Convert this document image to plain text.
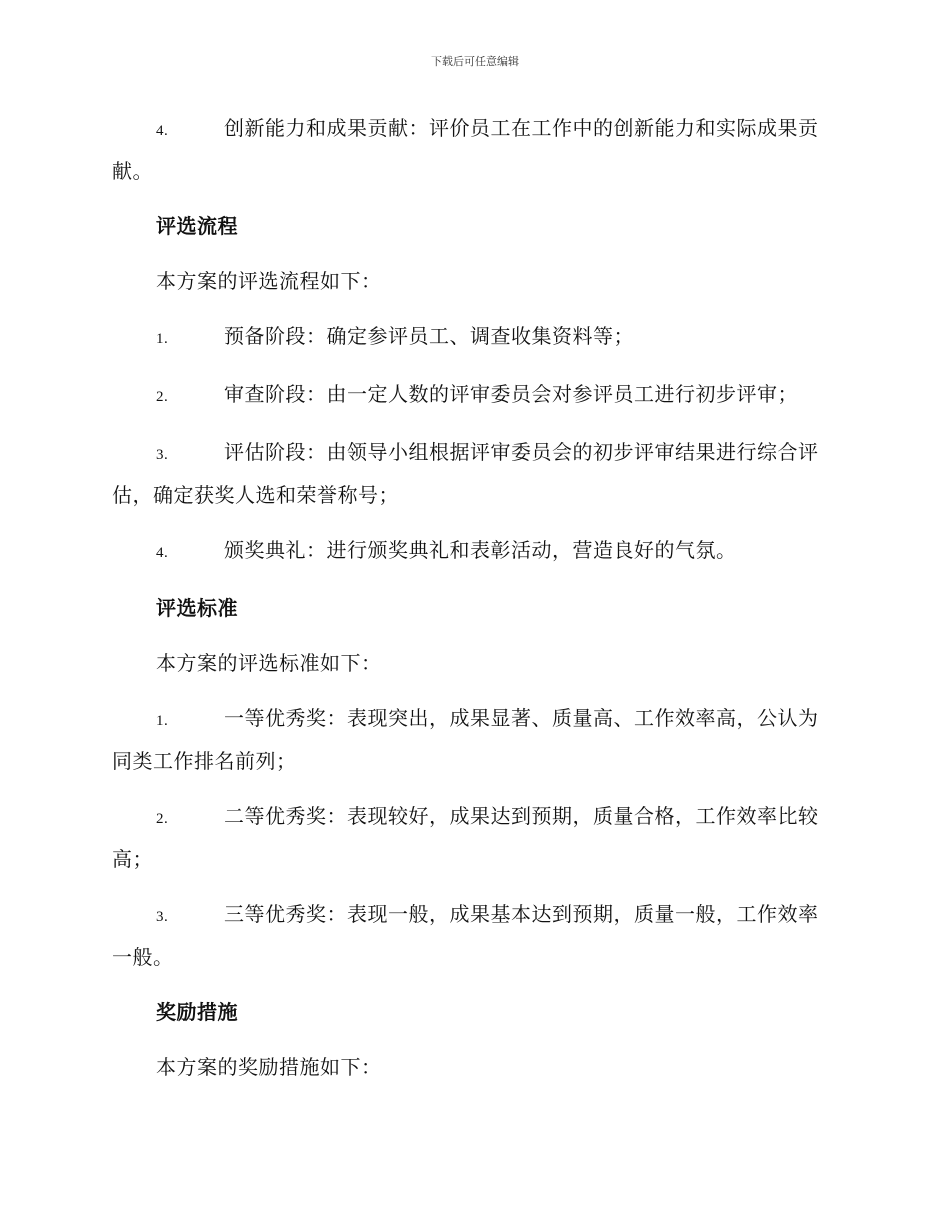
下载后可任意编辑

4.	创新能力和成果贡献：评价员工在工作中的创新能力和实际成果贡献。

评选流程

本方案的评选流程如下：

1.	预备阶段：确定参评员工、调查收集资料等；

2.	审查阶段：由一定人数的评审委员会对参评员工进行初步评审；

3.	评估阶段：由领导小组根据评审委员会的初步评审结果进行综合评估，确定获奖人选和荣誉称号；

4.	颁奖典礼：进行颁奖典礼和表彰活动，营造良好的气氛。

评选标准

本方案的评选标准如下：

1.	一等优秀奖：表现突出，成果显著、质量高、工作效率高，公认为同类工作排名前列；

2.	二等优秀奖：表现较好，成果达到预期，质量合格，工作效率比较高；

3.	三等优秀奖：表现一般，成果基本达到预期，质量一般，工作效率一般。

奖励措施

本方案的奖励措施如下：
